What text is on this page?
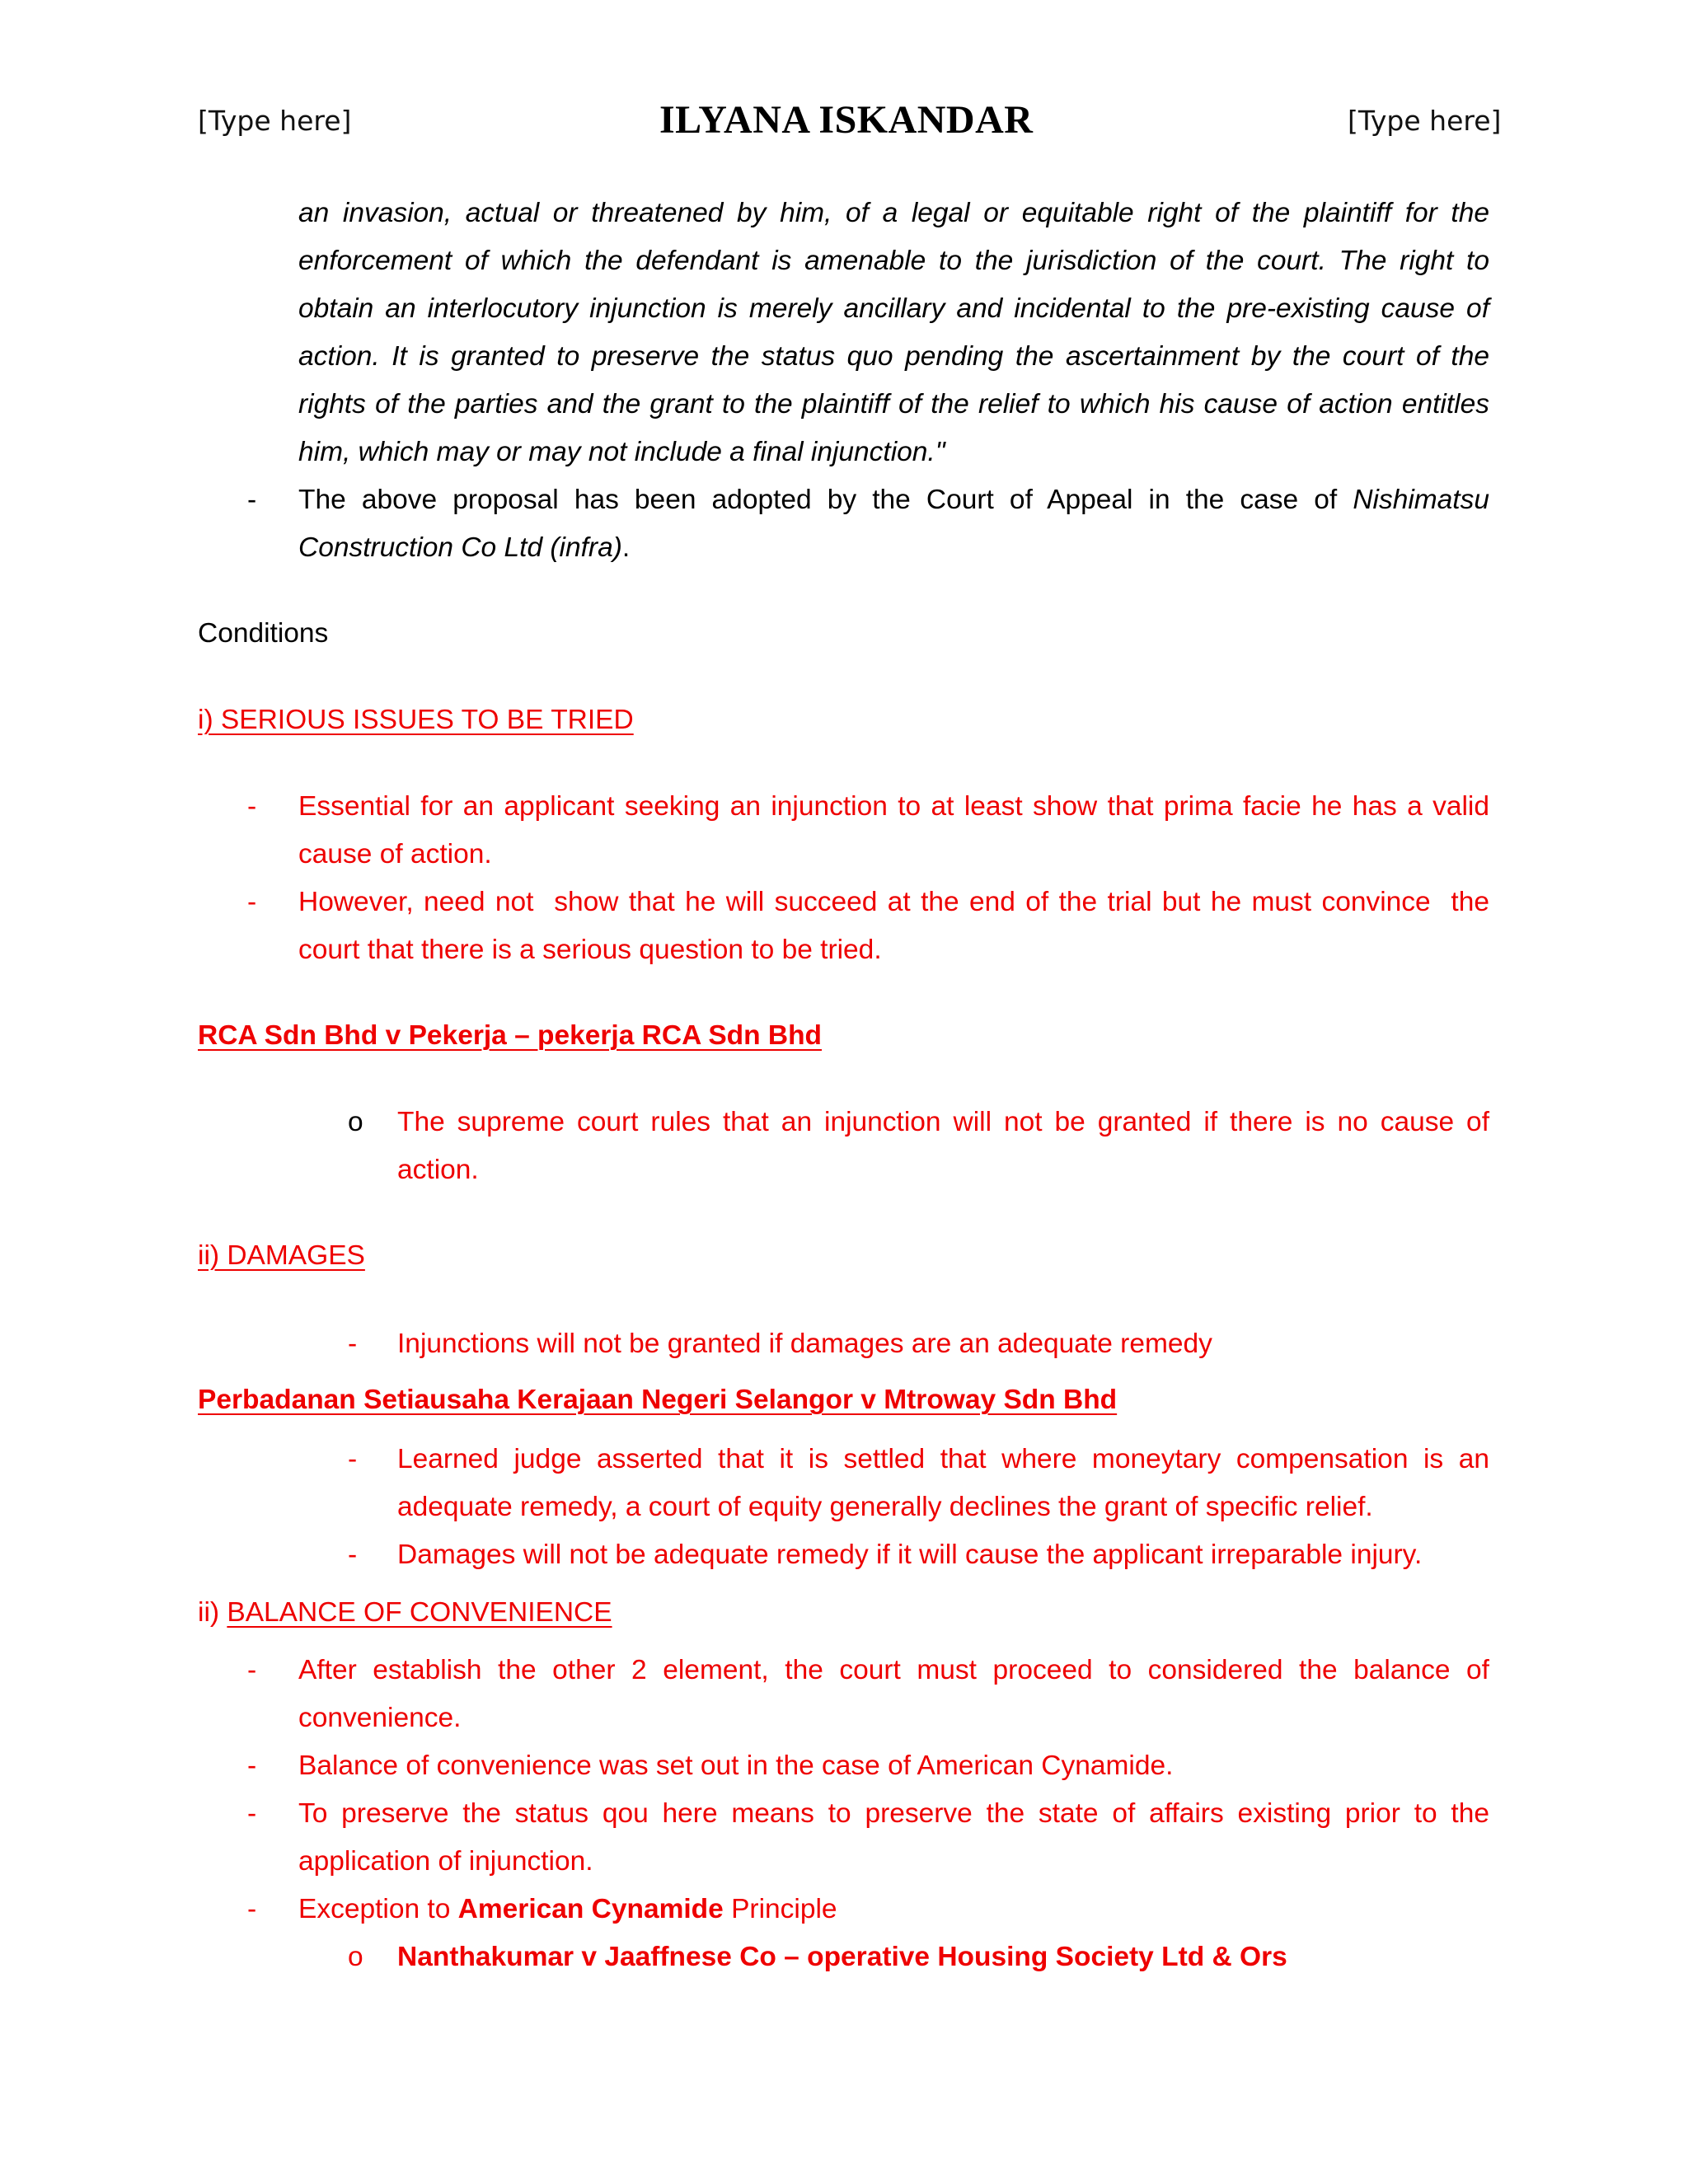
[Type here]	ILYANA ISKANDAR	[Type here]

an invasion, actual or threatened by him, of a legal or equitable right of the plaintiff for the

enforcement of which the defendant is amenable to the jurisdiction of the court. The right to

obtain an interlocutory injunction is merely ancillary and incidental to the pre-existing cause of

action. It is granted to preserve the status quo pending the ascertainment by the court of the

rights of the parties and the grant to the plaintiff of the relief to which his cause of action entitles

him, which may or may not include a final injunction."

- The above proposal has been adopted by the Court of Appeal in the case of Nishimatsu

Construction Co Ltd (infra).

Conditions
i) SERIOUS ISSUES TO BE TRIED
- Essential for an applicant seeking an injunction to at least show that prima facie he has a valid

cause of action.

- However, need not  show that he will succeed at the end of the trial but he must convince  the

court that there is a serious question to be tried.

RCA Sdn Bhd v Pekerja – pekerja RCA Sdn Bhd
o The supreme court rules that an injunction will not be granted if there is no cause of

action.

ii) DAMAGES
- Injunctions will not be granted if damages are an adequate remedy
Perbadanan Setiausaha Kerajaan Negeri Selangor v Mtroway Sdn Bhd
- Learned judge asserted that it is settled that where moneytary compensation is an

adequate remedy, a court of equity generally declines the grant of specific relief.

- Damages will not be adequate remedy if it will cause the applicant irreparable injury.
ii) BALANCE OF CONVENIENCE
- After establish the other 2 element, the court must proceed to considered the balance of

convenience.

- Balance of convenience was set out in the case of American Cynamide.
- To preserve the status qou here means to preserve the state of affairs existing prior to the

application of injunction.

- Exception to American Cynamide Principle
o Nanthakumar v Jaaffnese Co – operative Housing Society Ltd & Ors
